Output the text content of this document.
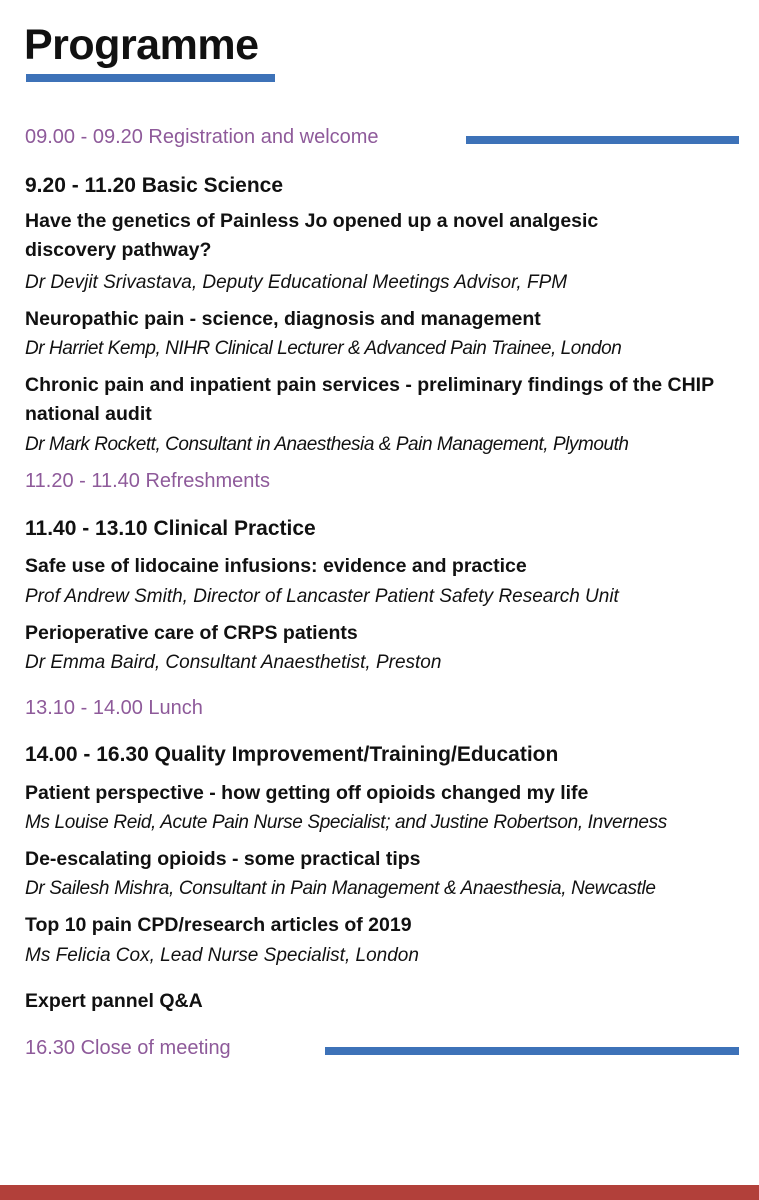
Programme
09.00 - 09.20 Registration and welcome
9.20 - 11.20 Basic Science
Have the genetics of Painless Jo opened up a novel analgesic
discovery pathway?
Dr Devjit Srivastava, Deputy Educational Meetings Advisor, FPM
Neuropathic pain - science, diagnosis and management
Dr Harriet Kemp, NIHR Clinical Lecturer & Advanced Pain Trainee, London
Chronic pain and inpatient pain services - preliminary findings of the CHIP
national audit
Dr Mark Rockett, Consultant in Anaesthesia & Pain Management, Plymouth
11.20 - 11.40 Refreshments
11.40 - 13.10 Clinical Practice
Safe use of lidocaine infusions: evidence and practice
Prof Andrew Smith, Director of Lancaster Patient Safety Research Unit
Perioperative care of CRPS patients
Dr Emma Baird, Consultant Anaesthetist, Preston
13.10 - 14.00 Lunch
14.00 - 16.30 Quality Improvement/Training/Education
Patient perspective - how getting off opioids changed my life
Ms Louise Reid, Acute Pain Nurse Specialist; and Justine Robertson, Inverness
De-escalating opioids - some practical tips
Dr Sailesh Mishra, Consultant in Pain Management & Anaesthesia, Newcastle
Top 10 pain CPD/research articles of 2019
Ms Felicia Cox, Lead Nurse Specialist, London
Expert pannel Q&A
16.30 Close of meeting
